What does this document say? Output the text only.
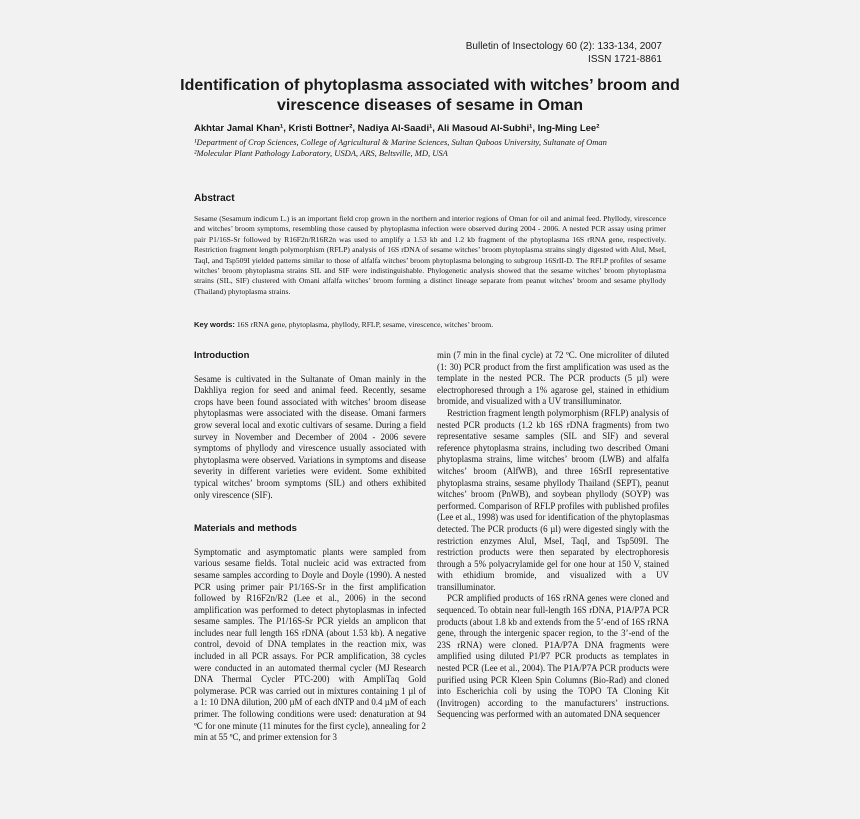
Bulletin of Insectology 60 (2): 133-134, 2007
ISSN 1721-8861
Identification of phytoplasma associated with witches’ broom and virescence diseases of sesame in Oman
Akhtar Jamal Khan¹, Kristi Bottner², Nadiya Al-Saadi¹, Ali Masoud Al-Subhi¹, Ing-Ming Lee²
¹Department of Crop Sciences, College of Agricultural & Marine Sciences, Sultan Qaboos University, Sultanate of Oman
²Molecular Plant Pathology Laboratory, USDA, ARS, Beltsville, MD, USA
Abstract

Sesame (Sesamum indicum L.) is an important field crop grown in the northern and interior regions of Oman for oil and animal feed. Phyllody, virescence and witches’ broom symptoms, resembling those caused by phytoplasma infection were observed during 2004 - 2006. A nested PCR assay using primer pair P1/16S-Sr followed by R16F2n/R16R2n was used to amplify a 1.53 kb and 1.2 kb fragment of the phytoplasma 16S rRNA gene, respectively. Restriction fragment length polymorphism (RFLP) analysis of 16S rDNA of sesame witches’ broom phytoplasma strains singly digested with AluI, MseI, TaqI, and Tsp509I yielded patterns similar to those of alfalfa witches’ broom phytoplasma belonging to subgroup 16SrII-D. The RFLP profiles of sesame witches’ broom phytoplasma strains SIL and SIF were indistinguishable. Phylogenetic analysis showed that the sesame witches’ broom phytoplasma strains (SIL, SIF) clustered with Omani alfalfa witches’ broom forming a distinct lineage separate from peanut witches’ broom and sesame phyllody (Thailand) phytoplasma strains.

Key words: 16S rRNA gene, phytoplasma, phyllody, RFLP, sesame, virescence, witches’ broom.

Introduction

Sesame is cultivated in the Sultanate of Oman mainly in the Dakhliya region for seed and animal feed. Recently, sesame crops have been found associated with witches’ broom disease phytoplasmas were associated with the disease. Omani farmers grow several local and exotic cultivars of sesame. During a field survey in November and December of 2004 - 2006 severe symptoms of phyllody and virescence usually associated with phytoplasma were observed. Variations in symptoms and disease severity in different varieties were evident. Some exhibited typical witches’ broom symptoms (SIL) and others exhibited only virescence (SIF).

Materials and methods

Symptomatic and asymptomatic plants were sampled from various sesame fields. Total nucleic acid was extracted from sesame samples according to Doyle and Doyle (1990). A nested PCR using primer pair P1/16S-Sr in the first amplification followed by R16F2n/R2 (Lee et al., 2006) in the second amplification was performed to detect phytoplasmas in infected sesame samples. The P1/16S-Sr PCR yields an amplicon that includes near full length 16S rDNA (about 1.53 kb). A negative control, devoid of DNA templates in the reaction mix, was included in all PCR assays. For PCR amplification, 38 cycles were conducted in an automated thermal cycler (MJ Research DNA Thermal Cycler PTC-200) with AmpliTaq Gold polymerase. PCR was carried out in mixtures containing 1 µl of a 1: 10 DNA dilution, 200 µM of each dNTP and 0.4 µM of each primer. The following conditions were used: denaturation at 94 ºC for one minute (11 minutes for the first cycle), annealing for 2 min at 55 ºC, and primer extension for 3

min (7 min in the final cycle) at 72 ºC. One microliter of diluted (1: 30) PCR product from the first amplification was used as the template in the nested PCR. The PCR products (5 µl) were electrophoresed through a 1% agarose gel, stained in ethidium bromide, and visualized with a UV transilluminator.

Restriction fragment length polymorphism (RFLP) analysis of nested PCR products (1.2 kb 16S rDNA fragments) from two representative sesame samples (SIL and SIF) and several reference phytoplasma strains, including two described Omani phytoplasma strains, lime witches’ broom (LWB) and alfalfa witches’ broom (AlfWB), and three 16SrII representative phytoplasma strains, sesame phyllody Thailand (SEPT), peanut witches’ broom (PnWB), and soybean phyllody (SOYP) was performed. Comparison of RFLP profiles with published profiles (Lee et al., 1998) was used for identification of the phytoplasmas detected. The PCR products (6 µl) were digested singly with the restriction enzymes AluI, MseI, TaqI, and Tsp509I. The restriction products were then separated by electrophoresis through a 5% polyacrylamide gel for one hour at 150 V, stained with ethidium bromide, and visualized with a UV transilluminator.

PCR amplified products of 16S rRNA genes were cloned and sequenced. To obtain near full-length 16S rDNA, P1A/P7A PCR products (about 1.8 kb and extends from the 5’-end of 16S rRNA gene, through the intergenic spacer region, to the 3’-end of the 23S rRNA) were cloned. P1A/P7A DNA fragments were amplified using diluted P1/P7 PCR products as templates in nested PCR (Lee et al., 2004). The P1A/P7A PCR products were purified using PCR Kleen Spin Columns (Bio-Rad) and cloned into Escherichia coli by using the TOPO TA Cloning Kit (Invitrogen) according to the manufacturers’ instructions. Sequencing was performed with an automated DNA sequencer
